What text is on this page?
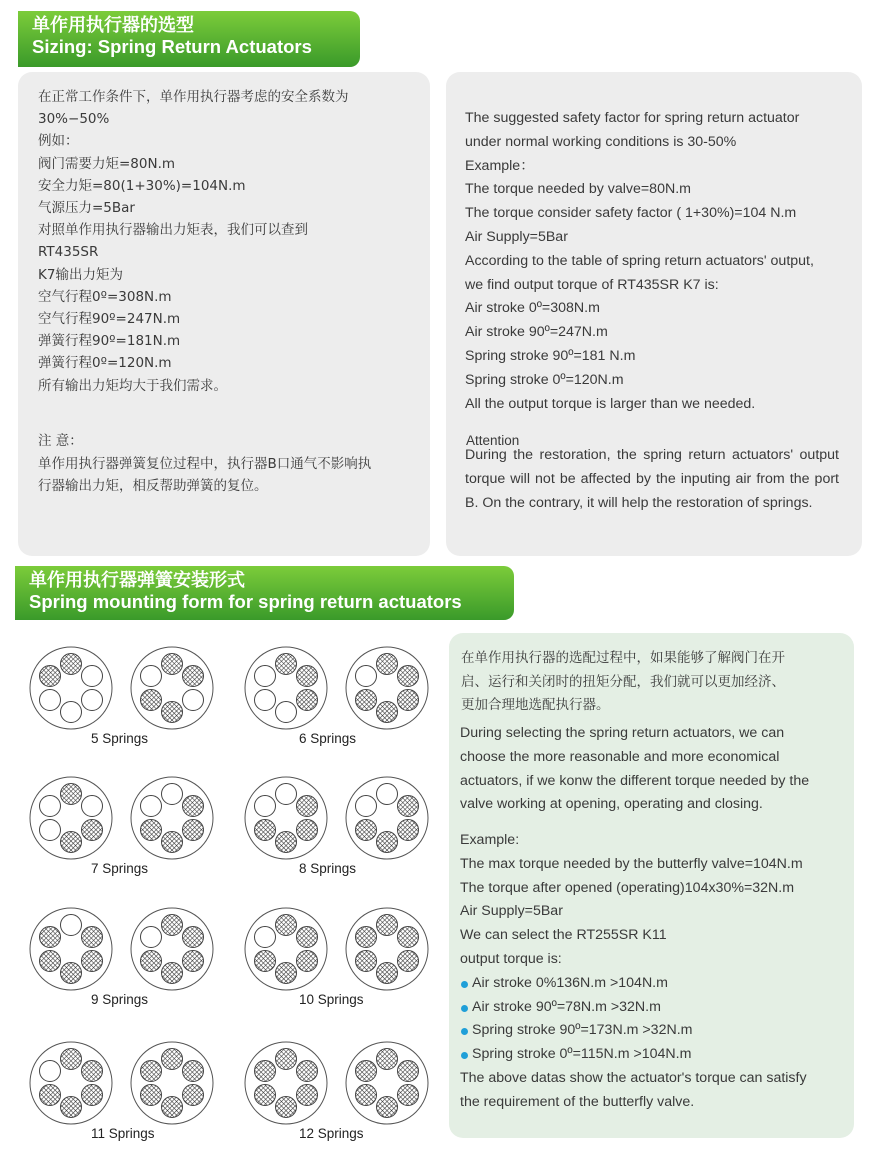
单作用执行器的选型
Sizing: Spring Return Actuators
在正常工作条件下，单作用执行器考虑的安全系数为
30%−50%
例如：
阀门需要力矩=80N.m
安全力矩=80(1+30%)=104N.m
气源压力=5Bar
对照单作用执行器输出力矩表，我们可以查到
RT435SR
K7输出力矩为
空气行程0º=308N.m
空气行程90º=247N.m
弹簧行程90º=181N.m
弹簧行程0º=120N.m
所有输出力矩均大于我们需求。
注 意：
单作用执行器弹簧复位过程中，执行器B口通气不影响执
行器输出力矩，相反帮助弹簧的复位。
The suggested safety factor for spring return actuator
under normal working conditions is 30-50%
Example：
The torque needed by valve=80N.m
The torque consider safety factor ( 1+30%)=104 N.m
Air Supply=5Bar
According to the table of spring return actuators' output,
we find output torque of RT435SR K7 is:
Air stroke 0º=308N.m
Air stroke 90º=247N.m
Spring stroke 90º=181 N.m
Spring stroke 0º=120N.m
All the output torque is larger than we needed.
Attention
During the restoration, the spring return actuators' output torque will not be affected by the inputing air from the port B. On the contrary, it will help the restoration of springs.
单作用执行器弹簧安装形式
Spring mounting form for spring return actuators
5 Springs	6 Springs
7 Springs	8 Springs
9 Springs	10 Springs
11 Springs	12 Springs
在单作用执行器的选配过程中，如果能够了解阀门在开
启、运行和关闭时的扭矩分配，我们就可以更加经济、
更加合理地选配执行器。
During selecting the spring return actuators, we can
choose the more reasonable and more economical
actuators, if we konw the different torque needed by the
valve working at opening, operating and closing.
Example:
The max torque needed by the butterfly valve=104N.m
The torque after opened (operating)104x30%=32N.m
Air Supply=5Bar
We can select the RT255SR K11
output torque is:
Air stroke 0%136N.m >104N.m
Air stroke 90º=78N.m >32N.m
Spring stroke 90º=173N.m >32N.m
Spring stroke 0º=115N.m >104N.m
The above datas show the actuator's torque can satisfy
the requirement of the butterfly valve.
